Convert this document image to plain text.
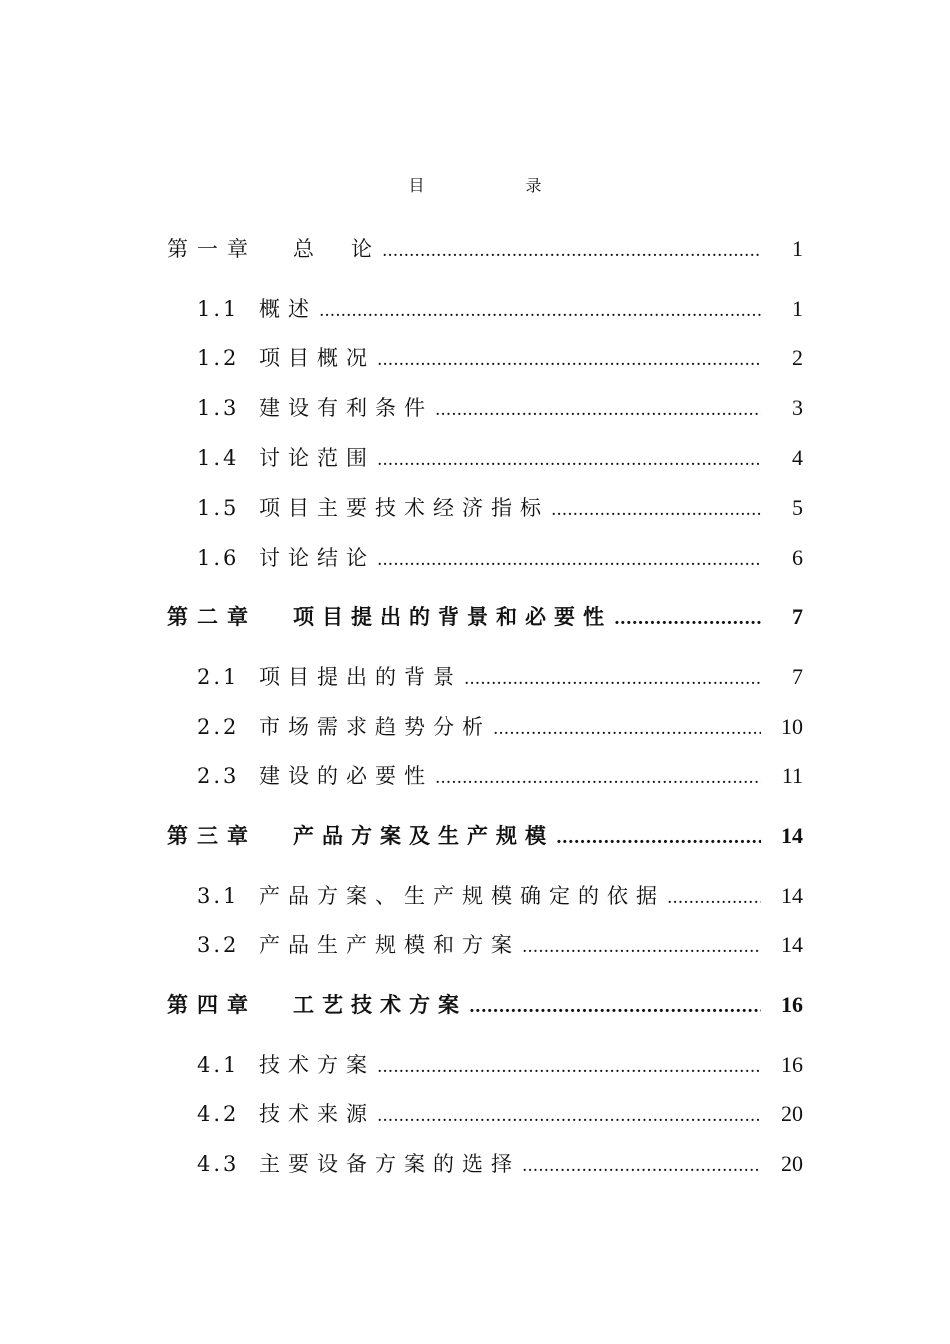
目	录
第一章	总　论 .....	1
1.1 概述 .....	1
1.2 项目概况 .....	2
1.3 建设有利条件 .....	3
1.4 讨论范围 .....	4
1.5 项目主要技术经济指标 .....	5
1.6 讨论结论 .....	6
第二章	项目提出的背景和必要性 .....	7
2.1 项目提出的背景 .....	7
2.2 市场需求趋势分析 .....	10
2.3 建设的必要性 .....	11
第三章	产品方案及生产规模 .....	14
3.1 产品方案、生产规模确定的依据 .....	14
3.2 产品生产规模和方案 .....	14
第四章	工艺技术方案 .....	16
4.1 技术方案 .....	16
4.2 技术来源 .....	20
4.3 主要设备方案的选择 .....	20
